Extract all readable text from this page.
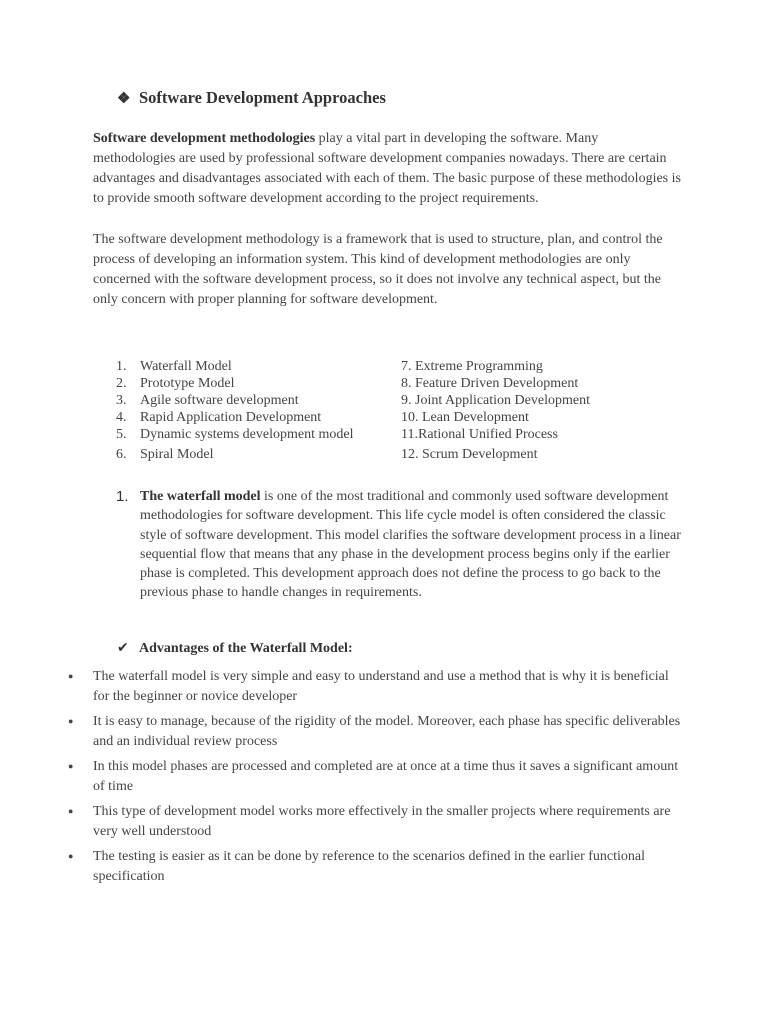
❖ Software Development Approaches

Software development methodologies play a vital part in developing the software. Many methodologies are used by professional software development companies nowadays. There are certain advantages and disadvantages associated with each of them. The basic purpose of these methodologies is to provide smooth software development according to the project requirements.

The software development methodology is a framework that is used to structure, plan, and control the process of developing an information system. This kind of development methodologies are only concerned with the software development process, so it does not involve any technical aspect, but the only concern with proper planning for software development.

1. Waterfall Model
2. Prototype Model
3. Agile software development
4. Rapid Application Development
5. Dynamic systems development model
6. Spiral Model
7. Extreme Programming
8. Feature Driven Development
9. Joint Application Development
10. Lean Development
11.Rational Unified Process
12. Scrum Development
1. The waterfall model is one of the most traditional and commonly used software development methodologies for software development. This life cycle model is often considered the classic style of software development. This model clarifies the software development process in a linear sequential flow that means that any phase in the development process begins only if the earlier phase is completed. This development approach does not define the process to go back to the previous phase to handle changes in requirements.
✔ Advantages of the Waterfall Model:
● The waterfall model is very simple and easy to understand and use a method that is why it is beneficial for the beginner or novice developer
● It is easy to manage, because of the rigidity of the model. Moreover, each phase has specific deliverables and an individual review process
● In this model phases are processed and completed are at once at a time thus it saves a significant amount of time
● This type of development model works more effectively in the smaller projects where requirements are very well understood
● The testing is easier as it can be done by reference to the scenarios defined in the earlier functional specification
